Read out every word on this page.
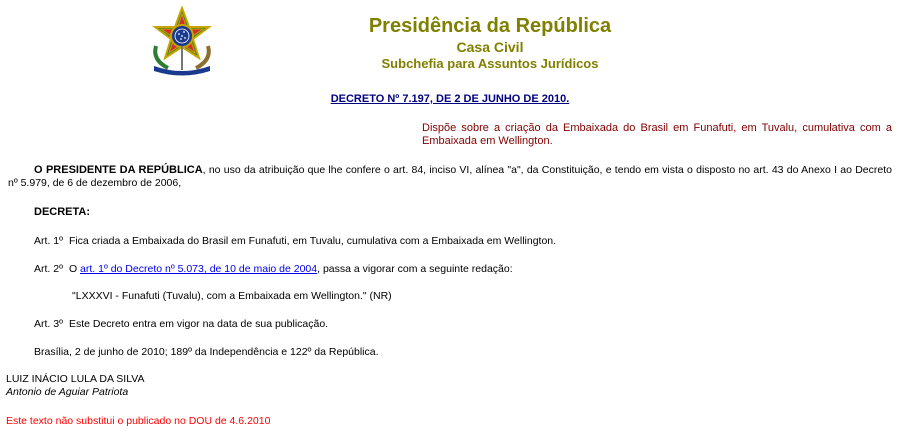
Presidência da República
Casa Civil
Subchefia para Assuntos Jurídicos
DECRETO Nº 7.197, DE 2 DE JUNHO DE 2010.
Dispõe sobre a criação da Embaixada do Brasil em Funafuti, em Tuvalu, cumulativa com a Embaixada em Wellington.
O PRESIDENTE DA REPÚBLICA, no uso da atribuição que lhe confere o art. 84, inciso VI, alínea "a", da Constituição, e tendo em vista o disposto no art. 43 do Anexo I ao Decreto nº 5.979, de 6 de dezembro de 2006,
DECRETA:
Art. 1º Fica criada a Embaixada do Brasil em Funafuti, em Tuvalu, cumulativa com a Embaixada em Wellington.
Art. 2º O art. 1º do Decreto nº 5.073, de 10 de maio de 2004, passa a vigorar com a seguinte redação:
"LXXXVI - Funafuti (Tuvalu), com a Embaixada em Wellington." (NR)
Art. 3º Este Decreto entra em vigor na data de sua publicação.
Brasília, 2 de junho de 2010; 189º da Independência e 122º da República.
LUIZ INÁCIO LULA DA SILVA
Antonio de Aguiar Patriota
Este texto não substitui o publicado no DOU de 4.6.2010
